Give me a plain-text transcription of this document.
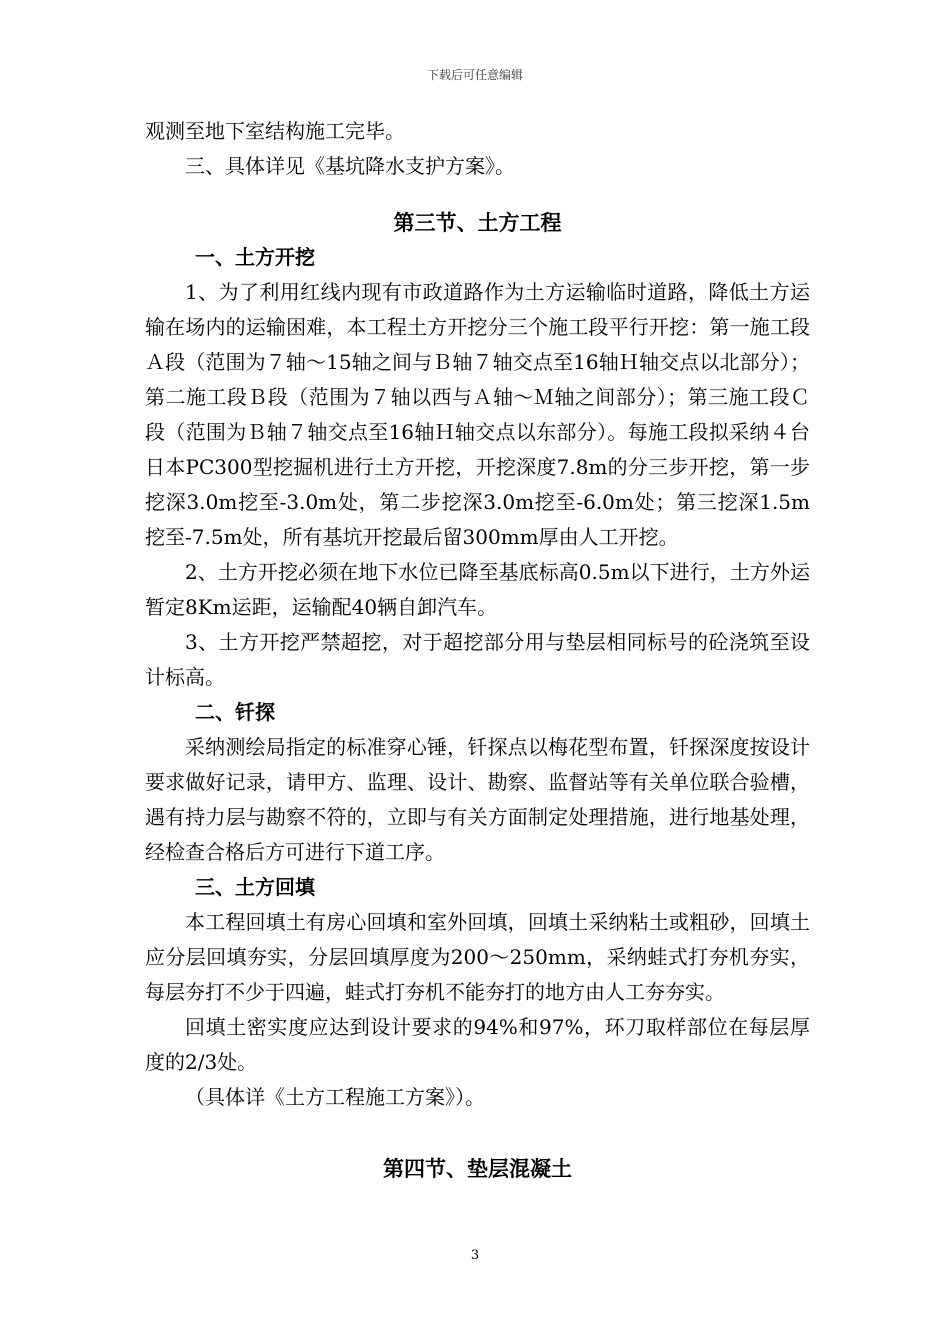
下载后可任意编辑
观测至地下室结构施工完毕。
三、具体详见《基坑降水支护方案》。
第三节、土方工程
一、土方开挖
1、为了利用红线内现有市政道路作为土方运输临时道路，降低土方运输在场内的运输困难，本工程土方开挖分三个施工段平行开挖：第一施工段Ａ段（范围为７轴～15轴之间与Ｂ轴７轴交点至16轴Ｈ轴交点以北部分）；第二施工段Ｂ段（范围为７轴以西与Ａ轴～Ｍ轴之间部分）；第三施工段Ｃ段（范围为Ｂ轴７轴交点至16轴Ｈ轴交点以东部分）。每施工段拟采纳４台日本PC300型挖掘机进行土方开挖，开挖深度7.8m的分三步开挖，第一步挖深3.0m挖至-3.0m处，第二步挖深3.0m挖至-6.0m处；第三挖深1.5m挖至-7.5m处，所有基坑开挖最后留300mm厚由人工开挖。
2、土方开挖必须在地下水位已降至基底标高0.5m以下进行，土方外运暂定8Km运距，运输配40辆自卸汽车。
3、土方开挖严禁超挖，对于超挖部分用与垫层相同标号的砼浇筑至设计标高。
二、钎探
采纳测绘局指定的标准穿心锤，钎探点以梅花型布置，钎探深度按设计要求做好记录，请甲方、监理、设计、勘察、监督站等有关单位联合验槽，遇有持力层与勘察不符的，立即与有关方面制定处理措施，进行地基处理，经检查合格后方可进行下道工序。
三、土方回填
本工程回填土有房心回填和室外回填，回填土采纳粘土或粗砂，回填土应分层回填夯实，分层回填厚度为200～250mm，采纳蛙式打夯机夯实，每层夯打不少于四遍，蛙式打夯机不能夯打的地方由人工夯夯实。
回填土密实度应达到设计要求的94%和97%，环刀取样部位在每层厚度的2/3处。
（具体详《土方工程施工方案》）。
第四节、垫层混凝土
3
